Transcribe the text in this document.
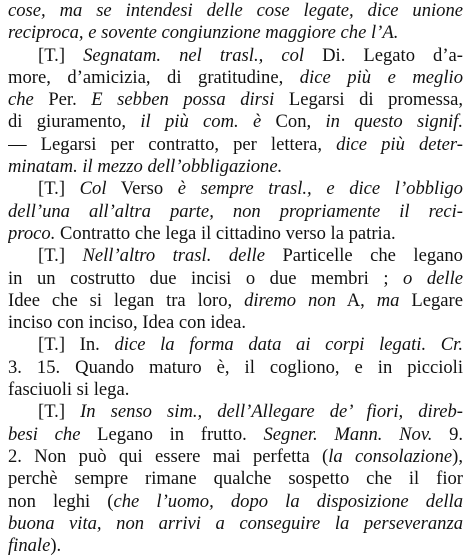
cose, ma se intendesi delle cose legate, dice unione
reciproca, e sovente congiunzione maggiore che l’A.
[T.] Segnatam. nel trasl., col Di. Legato d’a-
more, d’amicizia, di gratitudine, dice più e meglio
che Per. E sebben possa dirsi Legarsi di promessa,
di giuramento, il più com. è Con, in questo signif.
— Legarsi per contratto, per lettera, dice più deter-
minatam. il mezzo dell’obbligazione.
[T.] Col Verso è sempre trasl., e dice l’obbligo
dell’una all’altra parte, non propriamente il reci-
proco. Contratto che lega il cittadino verso la patria.
[T.] Nell’altro trasl. delle Particelle che legano
in un costrutto due incisi o due membri ; o delle
Idee che si legan tra loro, diremo non A, ma Legare
inciso con inciso, Idea con idea.
[T.] In. dice la forma data ai corpi legati. Cr.
3. 15. Quando maturo è, il cogliono, e in piccioli
fasciuoli si lega.
[T.] In senso sim., dell’Allegare de’ fiori, direb-
besi che Legano in frutto. Segner. Mann. Nov. 9.
2. Non può qui essere mai perfetta (la consolazione),
perchè sempre rimane qualche sospetto che il fior
non leghi (che l’uomo, dopo la disposizione della
buona vita, non arrivi a conseguire la perseveranza
finale).
